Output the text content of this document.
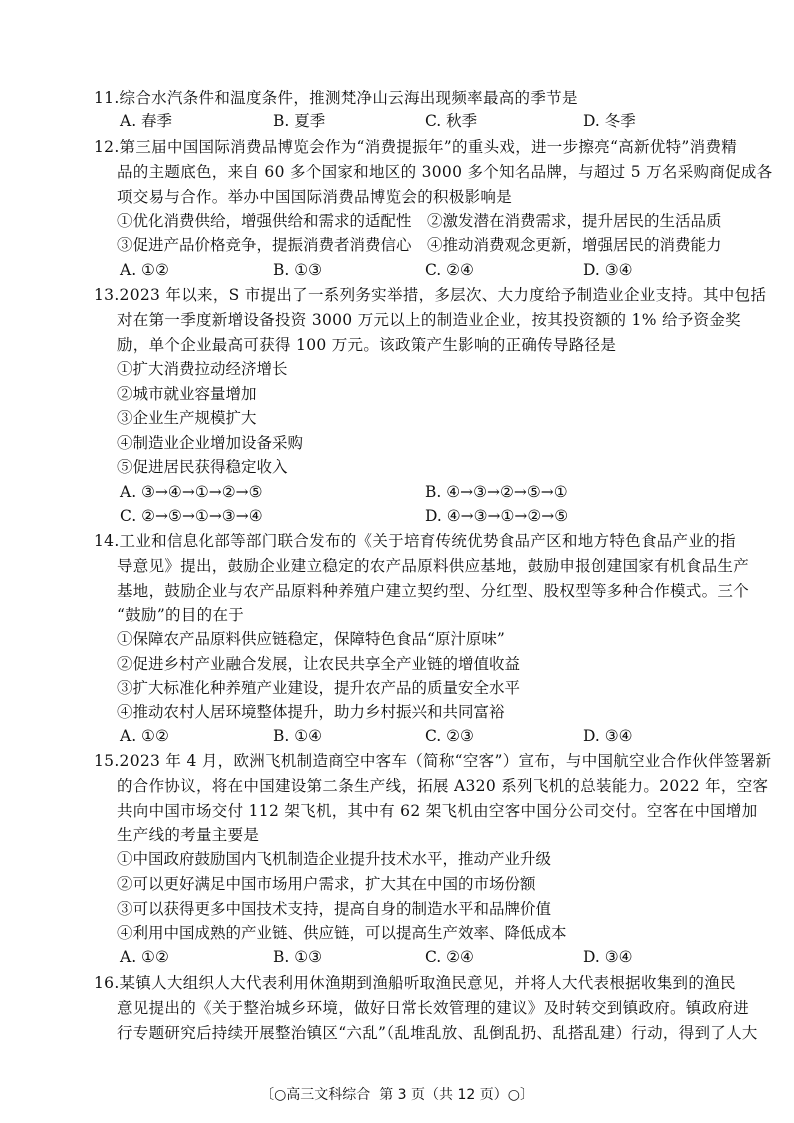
11.综合水汽条件和温度条件，推测梵净山云海出现频率最高的季节是
A. 春季	B. 夏季	C. 秋季	D. 冬季
12.第三届中国国际消费品博览会作为“消费提振年”的重头戏，进一步擦亮“高新优特”消费精
品的主题底色，来自 60 多个国家和地区的 3000 多个知名品牌，与超过 5 万名采购商促成各
项交易与合作。举办中国国际消费品博览会的积极影响是
①优化消费供给，增强供给和需求的适配性 ②激发潜在消费需求，提升居民的生活品质
③促进产品价格竞争，提振消费者消费信心 ④推动消费观念更新，增强居民的消费能力
A. ①②	B. ①③	C. ②④	D. ③④
13.2023 年以来，S 市提出了一系列务实举措，多层次、大力度给予制造业企业支持。其中包括
对在第一季度新增设备投资 3000 万元以上的制造业企业，按其投资额的 1% 给予资金奖
励，单个企业最高可获得 100 万元。该政策产生影响的正确传导路径是
①扩大消费拉动经济增长
②城市就业容量增加
③企业生产规模扩大
④制造业企业增加设备采购
⑤促进居民获得稳定收入
A. ③→④→①→②→⑤	B. ④→③→②→⑤→①
C. ②→⑤→①→③→④	D. ④→③→①→②→⑤
14.工业和信息化部等部门联合发布的《关于培育传统优势食品产区和地方特色食品产业的指
导意见》提出，鼓励企业建立稳定的农产品原料供应基地，鼓励申报创建国家有机食品生产
基地，鼓励企业与农产品原料种养殖户建立契约型、分红型、股权型等多种合作模式。三个
“鼓励”的目的在于
①保障农产品原料供应链稳定，保障特色食品“原汁原味”
②促进乡村产业融合发展，让农民共享全产业链的增值收益
③扩大标准化种养殖产业建设，提升农产品的质量安全水平
④推动农村人居环境整体提升，助力乡村振兴和共同富裕
A. ①②	B. ①④	C. ②③	D. ③④
15.2023 年 4 月，欧洲飞机制造商空中客车（简称“空客”）宣布，与中国航空业合作伙伴签署新
的合作协议，将在中国建设第二条生产线，拓展 A320 系列飞机的总装能力。2022 年，空客
共向中国市场交付 112 架飞机，其中有 62 架飞机由空客中国分公司交付。空客在中国增加
生产线的考量主要是
①中国政府鼓励国内飞机制造企业提升技术水平，推动产业升级
②可以更好满足中国市场用户需求，扩大其在中国的市场份额
③可以获得更多中国技术支持，提高自身的制造水平和品牌价值
④利用中国成熟的产业链、供应链，可以提高生产效率、降低成本
A. ①②	B. ①③	C. ②④	D. ③④
16.某镇人大组织人大代表利用休渔期到渔船听取渔民意见，并将人大代表根据收集到的渔民
意见提出的《关于整治城乡环境，做好日常长效管理的建议》及时转交到镇政府。镇政府进
行专题研究后持续开展整治镇区“六乱”（乱堆乱放、乱倒乱扔、乱搭乱建）行动，得到了人大
〔○高三文科综合 第 3 页（共 12 页）○〕
